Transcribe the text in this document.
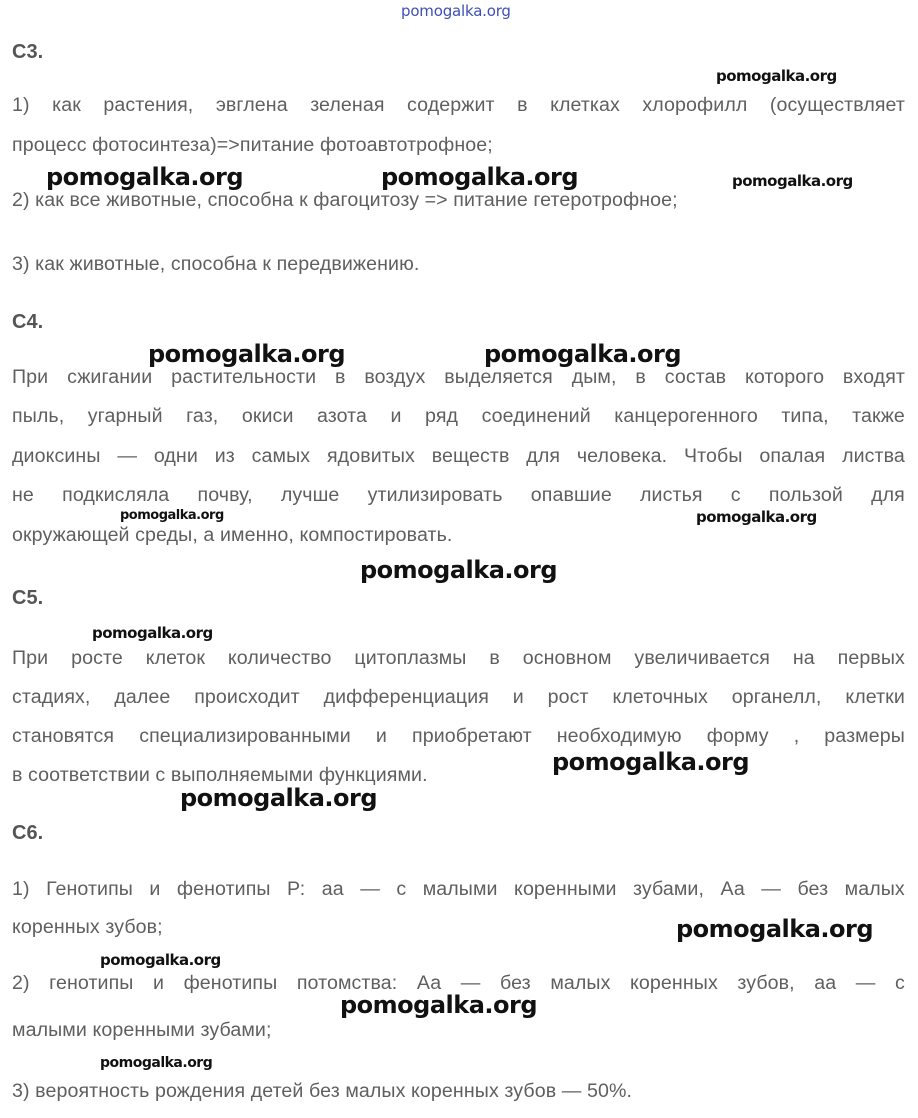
pomogalka.org
С3.
1) как растения, эвглена зеленая содержит в клетках хлорофилл (осуществляет
процесс фотосинтеза)=>питание фотоавтотрофное;
2) как все животные, способна к фагоцитозу => питание гетеротрофное;
3) как животные, способна к передвижению.
С4.
При сжигании растительности в воздух выделяется дым, в состав которого входят
пыль, угарный газ, окиси азота и ряд соединений канцерогенного типа, также
диоксины — одни из самых ядовитых веществ для человека. Чтобы опалая листва
не подкисляла почву, лучше утилизировать опавшие листья с пользой для
окружающей среды, а именно, компостировать.
С5.
При росте клеток количество цитоплазмы в основном увеличивается на первых
стадиях, далее происходит дифференциация и рост клеточных органелл, клетки
становятся специализированными и приобретают необходимую форму , размеры
в соответствии с выполняемыми функциями.
С6.
1) Генотипы и фенотипы Р: аа — с малыми коренными зубами, Аа — без малых
коренных зубов;
2) генотипы и фенотипы потомства: Аа — без малых коренных зубов, аа — с
малыми коренными зубами;
3) вероятность рождения детей без малых коренных зубов — 50%.
pomogalka.org
pomogalka.org	pomogalka.org	pomogalka.org
pomogalka.org	pomogalka.org
pomogalka.org	pomogalka.org
pomogalka.org
pomogalka.org
pomogalka.org
pomogalka.org
pomogalka.org
pomogalka.org
pomogalka.org
pomogalka.org
